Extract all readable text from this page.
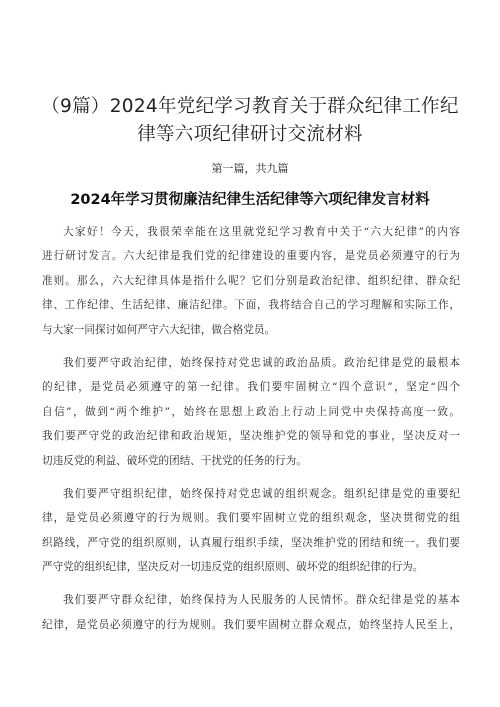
（9篇）2024年党纪学习教育关于群众纪律工作纪
律等六项纪律研讨交流材料
第一篇，共九篇
2024年学习贯彻廉洁纪律生活纪律等六项纪律发言材料
大家好！今天，我很荣幸能在这里就党纪学习教育中关于“六大纪律”的内容
进行研讨发言。六大纪律是我们党的纪律建设的重要内容，是党员必须遵守的行为
准则。那么，六大纪律具体是指什么呢？它们分别是政治纪律、组织纪律、群众纪
律、工作纪律、生活纪律、廉洁纪律。下面，我将结合自己的学习理解和实际工作，
与大家一同探讨如何严守六大纪律，做合格党员。
我们要严守政治纪律，始终保持对党忠诚的政治品质。政治纪律是党的最根本
的纪律，是党员必须遵守的第一纪律。我们要牢固树立“四个意识”，坚定“四个
自信”，做到“两个维护”，始终在思想上政治上行动上同党中央保持高度一致。
我们要严守党的政治纪律和政治规矩，坚决维护党的领导和党的事业，坚决反对一
切违反党的利益、破坏党的团结、干扰党的任务的行为。
我们要严守组织纪律，始终保持对党忠诚的组织观念。组织纪律是党的重要纪
律，是党员必须遵守的行为规则。我们要牢固树立党的组织观念，坚决贯彻党的组
织路线，严守党的组织原则，认真履行组织手续，坚决维护党的团结和统一。我们要
严守党的组织纪律，坚决反对一切违反党的组织原则、破坏党的组织纪律的行为。
我们要严守群众纪律，始终保持为人民服务的人民情怀。群众纪律是党的基本
纪律，是党员必须遵守的行为规则。我们要牢固树立群众观点，始终坚持人民至上，
